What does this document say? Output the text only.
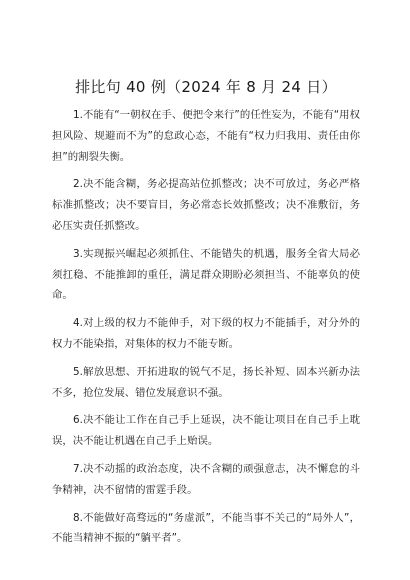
排比句 40 例（2024 年 8 月 24 日）

1.不能有“一朝权在手、便把令来行”的任性妄为，不能有“用权担风险、规避而不为”的怠政心态，不能有“权力归我用、责任由你担”的割裂失衡。

2.决不能含糊，务必提高站位抓整改；决不可放过，务必严格标准抓整改；决不要盲目，务必常态长效抓整改；决不准敷衍，务必压实责任抓整改。

3.实现振兴崛起必须抓住、不能错失的机遇，服务全省大局必须扛稳、不能推卸的重任，满足群众期盼必须担当、不能辜负的使命。

4.对上级的权力不能伸手，对下级的权力不能插手，对分外的权力不能染指，对集体的权力不能专断。

5.解放思想、开拓进取的锐气不足，扬长补短、固本兴新办法不多，抢位发展、错位发展意识不强。

6.决不能让工作在自己手上延误，决不能让项目在自己手上耽误，决不能让机遇在自己手上贻误。

7.决不动摇的政治态度，决不含糊的顽强意志，决不懈怠的斗争精神，决不留情的雷霆手段。

8.不能做好高骛远的“务虚派”，不能当事不关己的“局外人”，不能当精神不振的“躺平者”。
